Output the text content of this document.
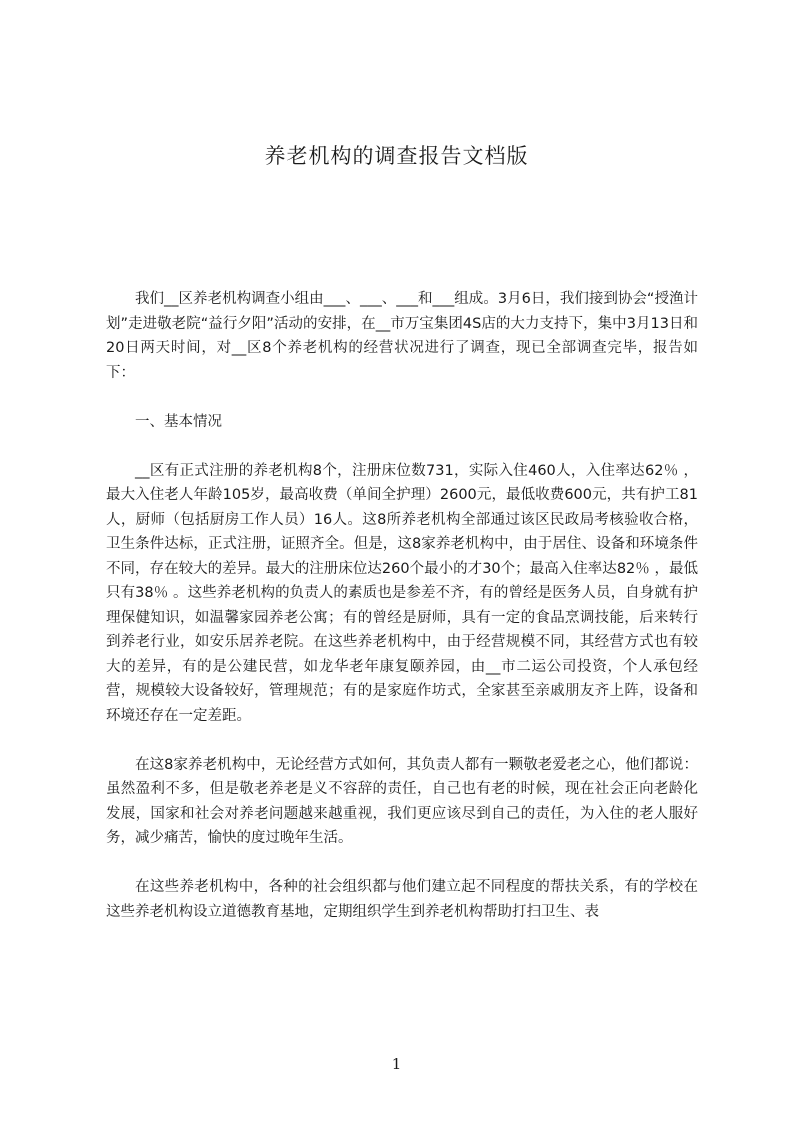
养老机构的调查报告文档版

我们__区养老机构调查小组由___、___、___和___组成。3月6日，我们接到协会“授渔计划”走进敬老院“益行夕阳”活动的安排，在__市万宝集团4S店的大力支持下，集中3月13日和20日两天时间，对__区8个养老机构的经营状况进行了调查，现已全部调查完毕，报告如下：

一、基本情况

__区有正式注册的养老机构8个，注册床位数731，实际入住460人，入住率达62％ ，最大入住老人年龄105岁，最高收费（单间全护理）2600元，最低收费600元，共有护工81人，厨师（包括厨房工作人员）16人。这8所养老机构全部通过该区民政局考核验收合格，卫生条件达标，正式注册，证照齐全。但是，这8家养老机构中，由于居住、设备和环境条件不同，存在较大的差异。最大的注册床位达260个最小的才30个；最高入住率达82％ ，最低只有38％ 。这些养老机构的负责人的素质也是参差不齐，有的曾经是医务人员，自身就有护理保健知识，如温馨家园养老公寓；有的曾经是厨师，具有一定的食品烹调技能，后来转行到养老行业，如安乐居养老院。在这些养老机构中，由于经营规模不同，其经营方式也有较大的差异，有的是公建民营，如龙华老年康复颐养园，由__市二运公司投资，个人承包经营，规模较大设备较好，管理规范；有的是家庭作坊式，全家甚至亲戚朋友齐上阵，设备和环境还存在一定差距。

在这8家养老机构中，无论经营方式如何，其负责人都有一颗敬老爱老之心，他们都说：虽然盈利不多，但是敬老养老是义不容辞的责任，自己也有老的时候，现在社会正向老龄化发展，国家和社会对养老问题越来越重视，我们更应该尽到自己的责任，为入住的老人服好务，减少痛苦，愉快的度过晚年生活。

在这些养老机构中，各种的社会组织都与他们建立起不同程度的帮扶关系，有的学校在这些养老机构设立道德教育基地，定期组织学生到养老机构帮助打扫卫生、表

1
